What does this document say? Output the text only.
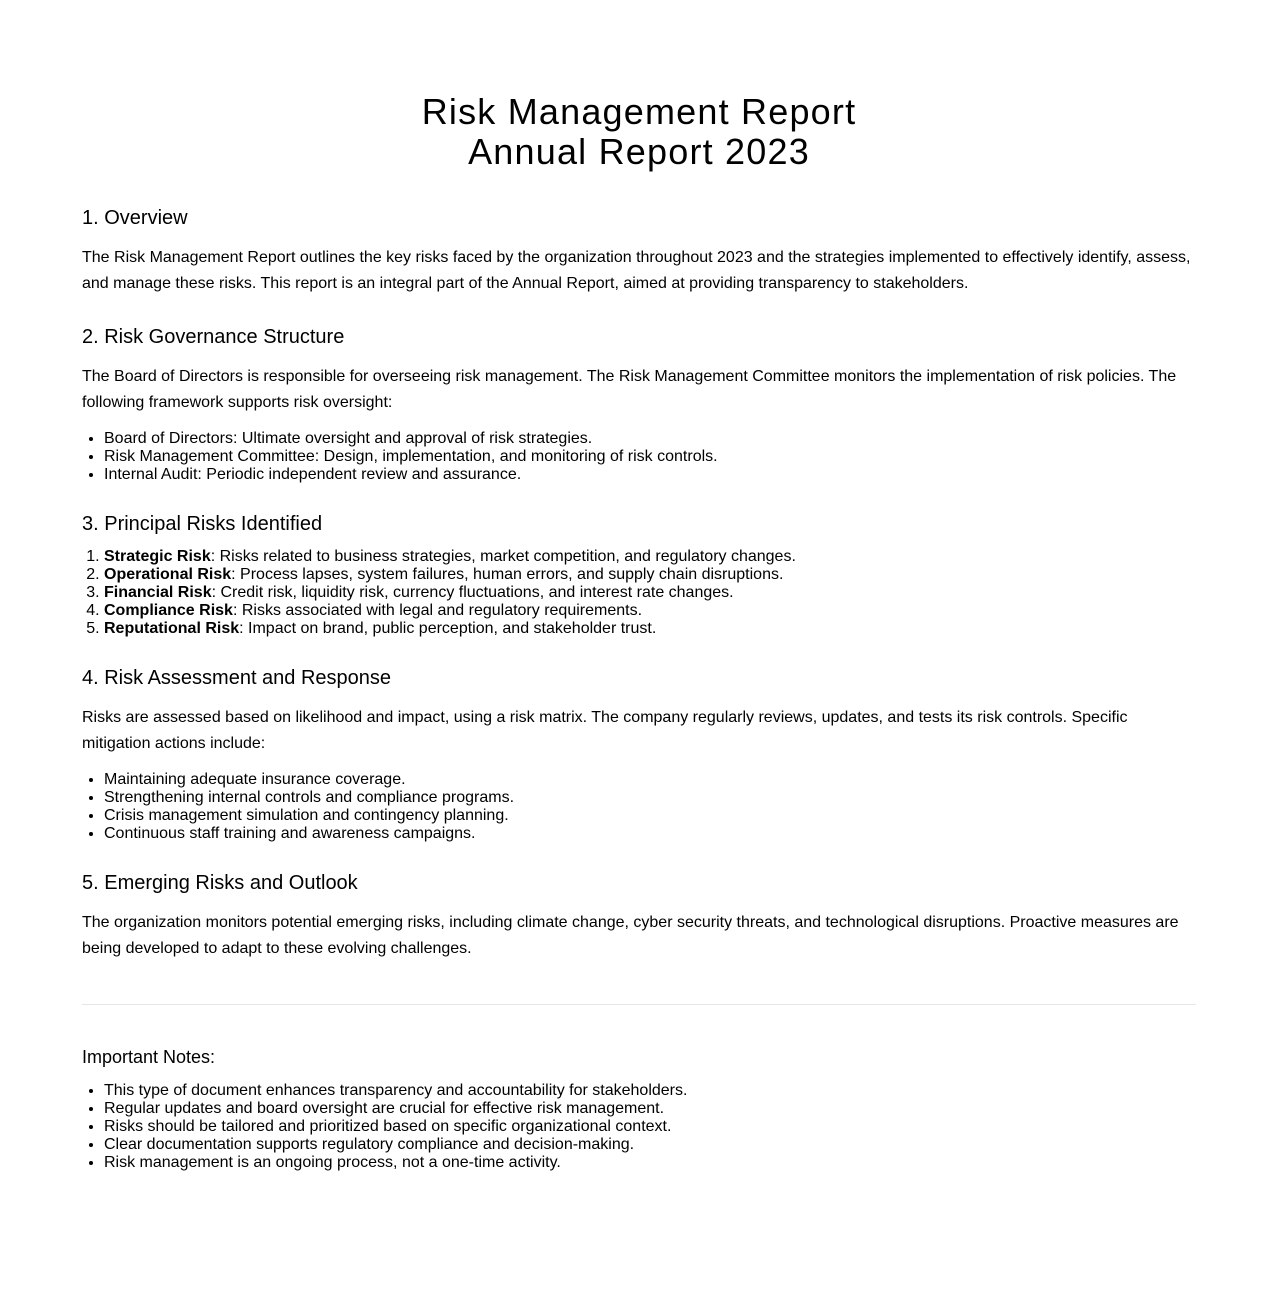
Risk Management Report
Annual Report 2023
1. Overview

The Risk Management Report outlines the key risks faced by the organization throughout 2023 and the strategies implemented to effectively identify, assess, and manage these risks. This report is an integral part of the Annual Report, aimed at providing transparency to stakeholders.

2. Risk Governance Structure

The Board of Directors is responsible for overseeing risk management. The Risk Management Committee monitors the implementation of risk policies. The following framework supports risk oversight:

• Board of Directors: Ultimate oversight and approval of risk strategies.
• Risk Management Committee: Design, implementation, and monitoring of risk controls.
• Internal Audit: Periodic independent review and assurance.
3. Principal Risks Identified
1. Strategic Risk: Risks related to business strategies, market competition, and regulatory changes.
2. Operational Risk: Process lapses, system failures, human errors, and supply chain disruptions.
3. Financial Risk: Credit risk, liquidity risk, currency fluctuations, and interest rate changes.
4. Compliance Risk: Risks associated with legal and regulatory requirements.
5. Reputational Risk: Impact on brand, public perception, and stakeholder trust.
4. Risk Assessment and Response

Risks are assessed based on likelihood and impact, using a risk matrix. The company regularly reviews, updates, and tests its risk controls. Specific mitigation actions include:

• Maintaining adequate insurance coverage.
• Strengthening internal controls and compliance programs.
• Crisis management simulation and contingency planning.
• Continuous staff training and awareness campaigns.
5. Emerging Risks and Outlook

The organization monitors potential emerging risks, including climate change, cyber security threats, and technological disruptions. Proactive measures are being developed to adapt to these evolving challenges.

Important Notes:
• This type of document enhances transparency and accountability for stakeholders.
• Regular updates and board oversight are crucial for effective risk management.
• Risks should be tailored and prioritized based on specific organizational context.
• Clear documentation supports regulatory compliance and decision-making.
• Risk management is an ongoing process, not a one-time activity.
